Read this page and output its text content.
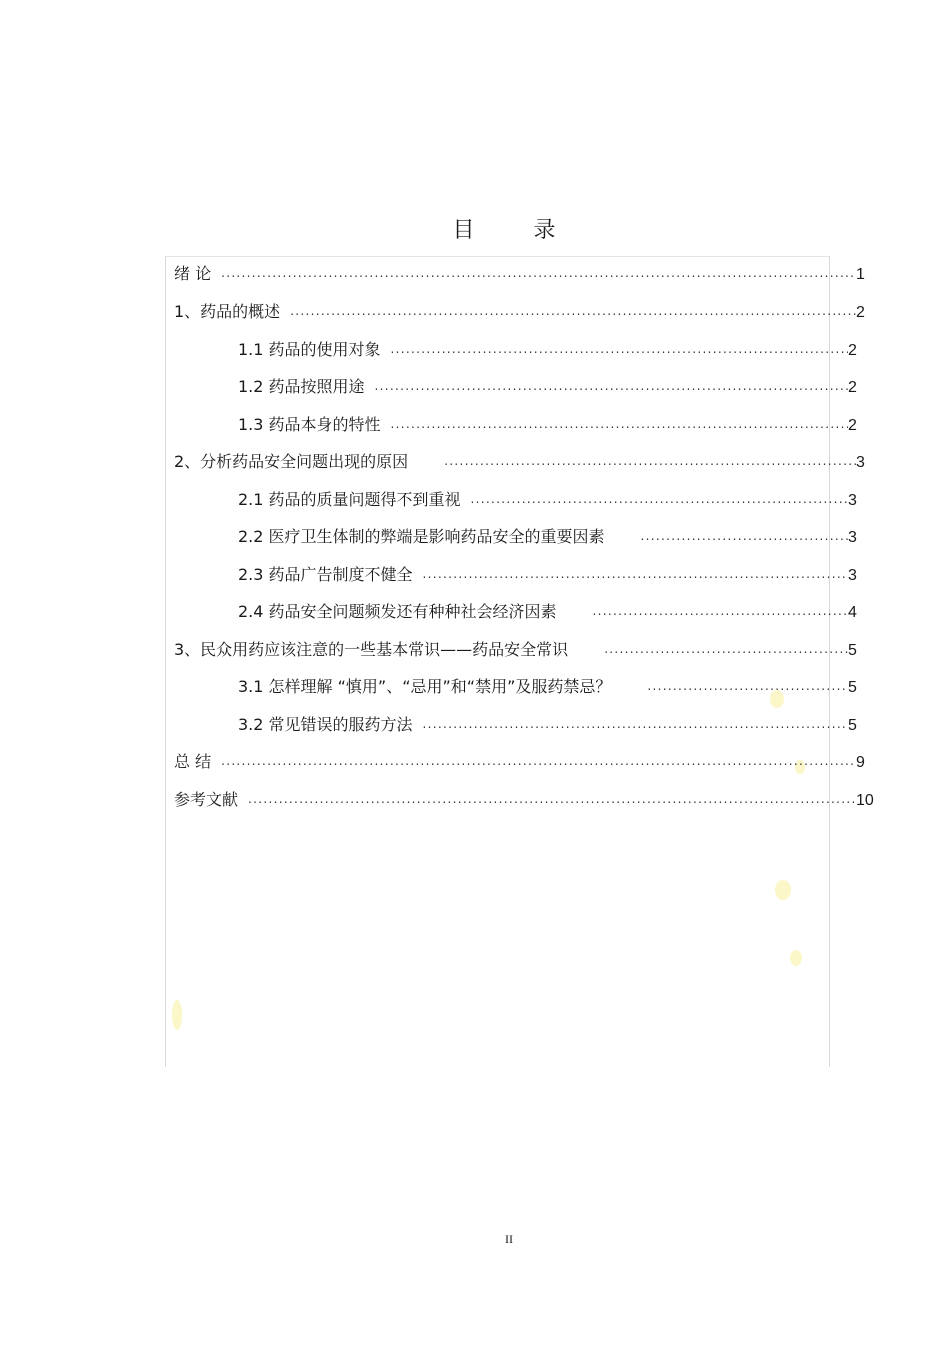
目 录
绪 论 .....	1
1、药品的概述 .....	2
1.1 药品的使用对象 .....	2
1.2 药品按照用途 .....	2
1.3 药品本身的特性 .....	2
2、分析药品安全问题出现的原因 .....	3
2.1 药品的质量问题得不到重视 .....	3
2.2 医疗卫生体制的弊端是影响药品安全的重要因素 .....	3
2.3 药品广告制度不健全 .....	3
2.4 药品安全问题频发还有种种社会经济因素 .....	4
3、民众用药应该注意的一些基本常识——药品安全常识 .....	5
3.1 怎样理解 “慎用”、“忌用”和“禁用”及服药禁忌？ .....	5
3.2 常见错误的服药方法 .....	5
总 结 .....	9
参考文献 .....	10
II
